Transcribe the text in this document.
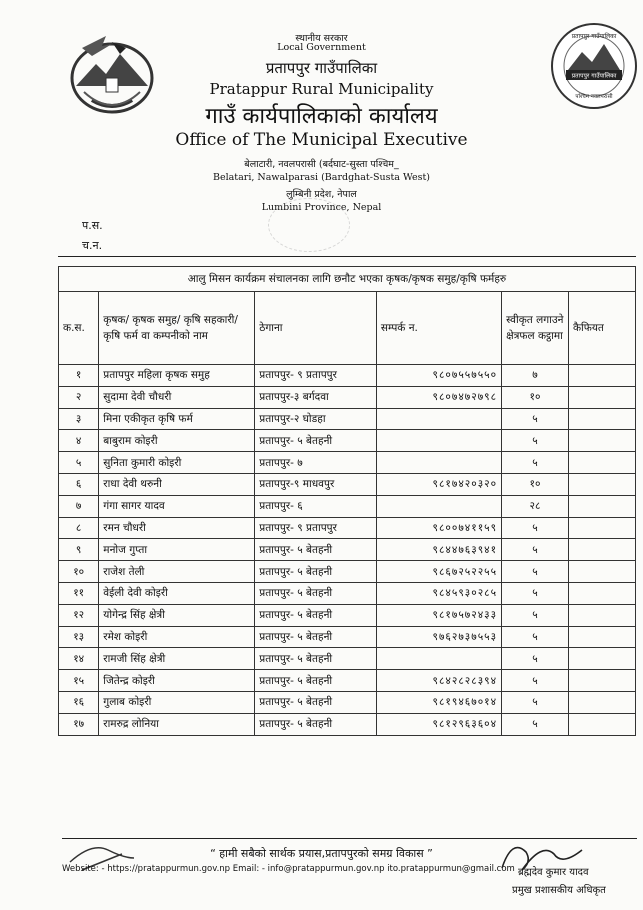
प्रतापपुर गाउँपालिका
प्रतापपुर गाउँपालिका
पश्चिम नवलपरासी
स्थानीय सरकार
Local Government
प्रतापपुर गाउँपालिका
Pratappur Rural Municipality
गाउँ कार्यपालिकाको कार्यालय
Office of The Municipal Executive
बेलाटारी, नवलपरासी (बर्दघाट-सुस्ता पश्चिम_
Belatari, Nawalparasi (Bardghat-Susta West)
लुम्बिनी प्रदेश, नेपाल
Lumbini Province, Nepal
प.स.
च.न.
आलु मिसन कार्यक्रम संचालनका लागि छनौट भएका कृषक/कृषक समुह/कृषि फर्महरु					
क.स.	कृषक/ कृषक समुह/ कृषि सहकारी/ कृषि फर्म वा कम्पनीको नाम	ठेगाना	सम्पर्क न.	स्वीकृत लगाउने क्षेत्रफल कट्ठामा	कैफियत
१	प्रतापपुर महिला कृषक समुह	प्रतापपुर- ९ प्रतापपुर	९८०७५५७५५०	७	
२	सुदामा देवी चौधरी	प्रतापपुर-३ बर्गदवा	९८०७४७२७९८	१०	
३	मिना एकीकृत कृषि फर्म	प्रतापपुर-२ घोडहा		५	
४	बाबुराम कोइरी	प्रतापपुर- ५ बेतहनी		५	
५	सुनिता कुमारी कोइरी	प्रतापपुर- ७		५	
६	राधा देवी थरुनी	प्रतापपुर-९ माधवपुर	९८१७४२०३२०	१०	
७	गंगा सागर यादव	प्रतापपुर- ६		२८	
८	रमन चौधरी	प्रतापपुर- ९ प्रतापपुर	९८००७४११५९	५	
९	मनोज गुप्ता	प्रतापपुर- ५ बेतहनी	९८४४७६३९४१	५	
१०	राजेश तेली	प्रतापपुर- ५ बेतहनी	९८६७२५२२५५	५	
११	वेईली देवी कोइरी	प्रतापपुर- ५ बेतहनी	९८४५९३०२८५	५	
१२	योगेन्द्र सिंह क्षेत्री	प्रतापपुर- ५ बेतहनी	९८१७५७२४३३	५	
१३	रमेश कोइरी	प्रतापपुर- ५ बेतहनी	९७६२७३७५५३	५	
१४	रामजी सिंह क्षेत्री	प्रतापपुर- ५ बेतहनी		५	
१५	जितेन्द्र कोइरी	प्रतापपुर- ५ बेतहनी	९८४२८२८३९४	५	
१६	गुलाब कोइरी	प्रतापपुर- ५ बेतहनी	९८१९४६७०१४	५	
१७	रामरुद्र लोनिया	प्रतापपुर- ५ बेतहनी	९८१२९६३६०४	५	
“ हामी सबैको सार्थक प्रयास,प्रतापपुरको समग्र विकास ”
Website: - https://pratappurmun.gov.np Email: - info@pratappurmun.gov.np ito.pratappurmun@gmail.com ब्रह्मदेव कुमार यादव
प्रमुख प्रशासकीय अधिकृत
